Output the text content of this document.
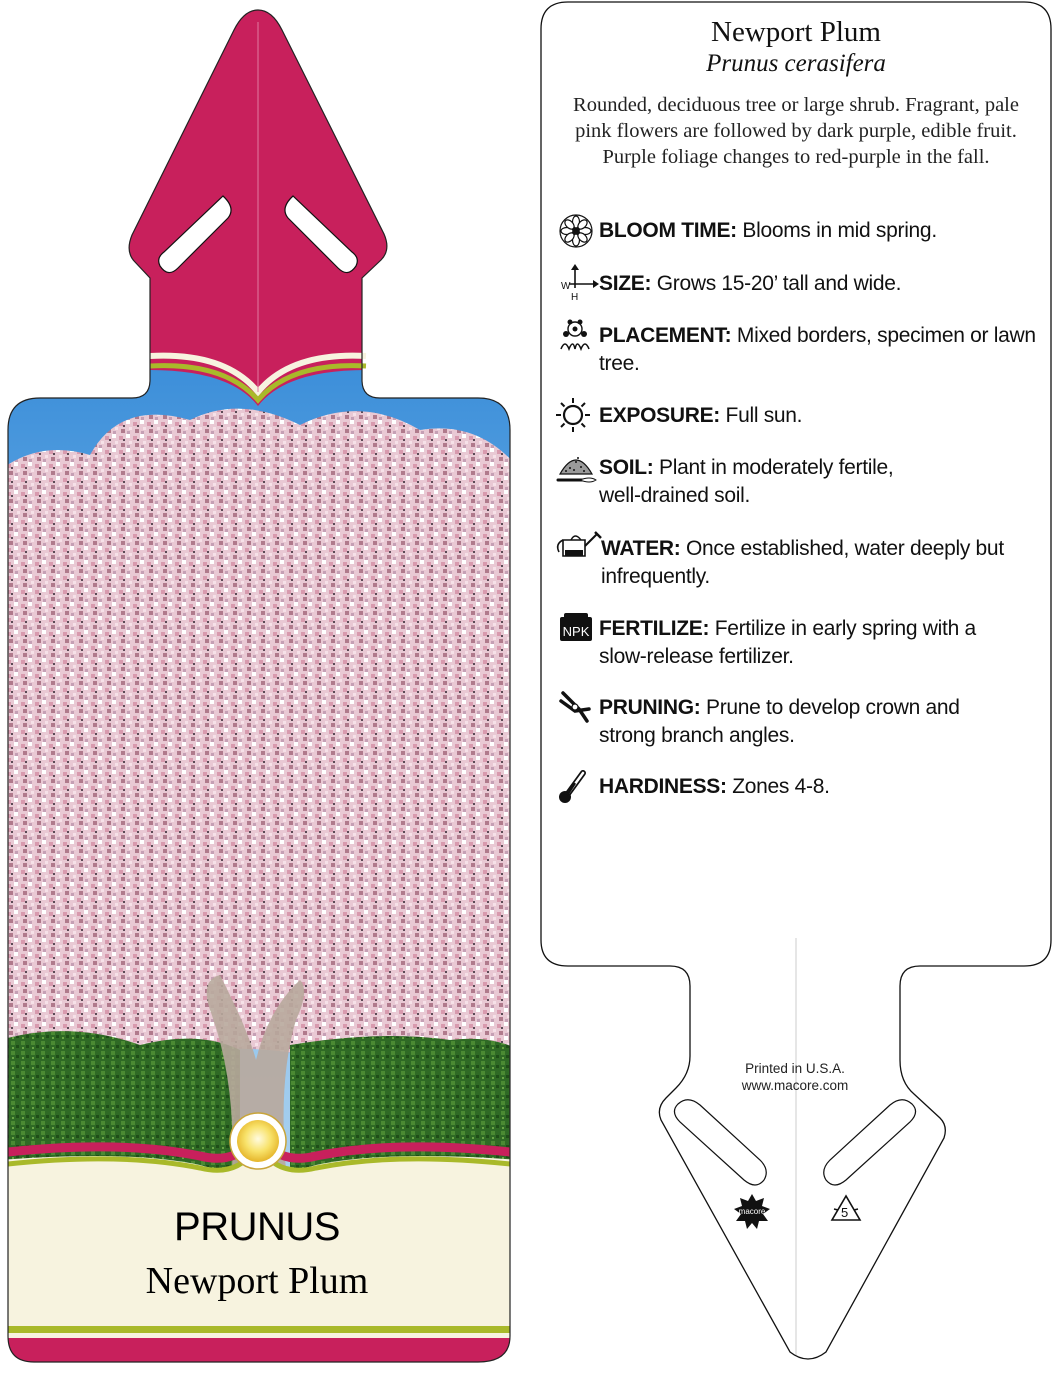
macore
W
H
NPK
PRUNUS
Newport Plum
Newport Plum
Prunus cerasifera
Rounded, deciduous tree or large shrub. Fragrant, pale pink flowers are followed by dark purple, edible fruit. Purple foliage changes to red-purple in the fall.
BLOOM TIME: Blooms in mid spring.
SIZE: Grows 15-20’ tall and wide.
PLACEMENT: Mixed borders, specimen or lawn tree.
EXPOSURE: Full sun.
SOIL: Plant in moderately fertile, well-drained soil.
WATER: Once established, water deeply but infrequently.
FERTILIZE: Fertilize in early spring with a slow-release fertilizer.
PRUNING: Prune to develop crown and strong branch angles.
HARDINESS: Zones 4-8.
Printed in U.S.A.
www.macore.com
5
